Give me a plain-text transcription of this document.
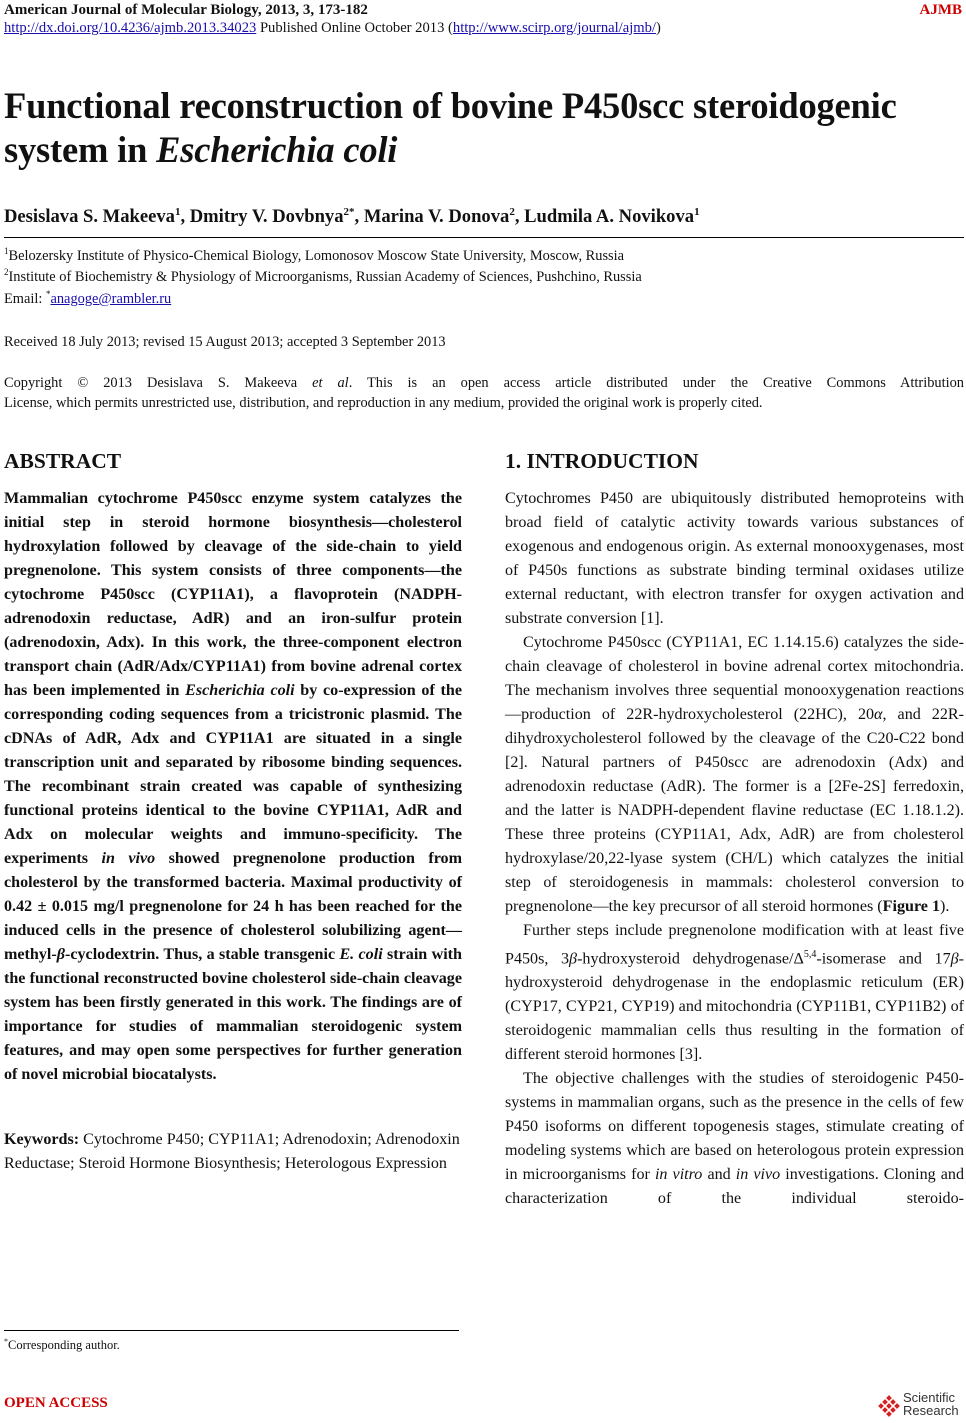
American Journal of Molecular Biology, 2013, 3, 173-182	AJMB
http://dx.doi.org/10.4236/ajmb.2013.34023 Published Online October 2013 (http://www.scirp.org/journal/ajmb/)
Functional reconstruction of bovine P450scc steroidogenic
system in Escherichia coli
Desislava S. Makeeva$^1$, Dmitry V. Dovbnya$^{2*}$, Marina V. Donova$^2$, Ludmila A. Novikova$^1$
$^1$Belozersky Institute of Physico-Chemical Biology, Lomonosov Moscow State University, Moscow, Russia
$^2$Institute of Biochemistry & Physiology of Microorganisms, Russian Academy of Sciences, Pushchino, Russia
Email: *anagoge@rambler.ru
Received 18 July 2013; revised 15 August 2013; accepted 3 September 2013
Copyright © 2013 Desislava S. Makeeva et al. This is an open access article distributed under the Creative Commons Attribution
License, which permits unrestricted use, distribution, and reproduction in any medium, provided the original work is properly cited.
ABSTRACT	1. INTRODUCTION

Mammalian cytochrome P450scc enzyme system catalyzes the initial step in steroid hormone biosynthesis—cholesterol hydroxylation followed by cleavage of the side-chain to yield pregnenolone. This system consists of three components—the cytochrome P450scc (CYP11A1), a flavoprotein (NADPH-adrenodoxin reductase, AdR) and an iron-sulfur protein (adrenodoxin, Adx). In this work, the three-component electron transport chain (AdR/Adx/CYP11A1) from bovine adrenal cortex has been implemented in Escherichia coli by co-expression of the corresponding coding sequences from a tricistronic plasmid. The cDNAs of AdR, Adx and CYP11A1 are situated in a single transcription unit and separated by ribosome binding sequences. The recombinant strain created was capable of synthesizing functional proteins identical to the bovine CYP11A1, AdR and Adx on molecular weights and immuno-specificity. The experiments in vivo showed pregnenolone production from cholesterol by the transformed bacteria. Maximal productivity of 0.42 ± 0.015 mg/l pregnenolone for 24 h has been reached for the induced cells in the presence of cholesterol solubilizing agent—methyl-β-cyclodextrin. Thus, a stable transgenic E. coli strain with the functional reconstructed bovine cholesterol side-chain cleavage system has been firstly generated in this work. The findings are of importance for studies of mammalian steroidogenic system features, and may open some perspectives for further generation of novel microbial biocatalysts.

Keywords: Cytochrome P450; CYP11A1; Adrenodoxin; Adrenodoxin Reductase; Steroid Hormone Biosynthesis; Heterologous Expression
*Corresponding author.

Cytochromes P450 are ubiquitously distributed hemoproteins with broad field of catalytic activity towards various substances of exogenous and endogenous origin. As external monooxygenases, most of P450s functions as substrate binding terminal oxidases utilize external reductant, with electron transfer for oxygen activation and substrate conversion [1].

Cytochrome P450scc (CYP11A1, EC 1.14.15.6) catalyzes the side-chain cleavage of cholesterol in bovine adrenal cortex mitochondria. The mechanism involves three sequential monooxygenation reactions—production of 22R-hydroxycholesterol (22HC), 20α, and 22R-dihydroxycholesterol followed by the cleavage of the C20-C22 bond [2]. Natural partners of P450scc are adrenodoxin (Adx) and adrenodoxin reductase (AdR). The former is a [2Fe-2S] ferredoxin, and the latter is NADPH-dependent flavine reductase (EC 1.18.1.2). These three proteins (CYP11A1, Adx, AdR) are from cholesterol hydroxylase/20,22-lyase system (CH/L) which catalyzes the initial step of steroidogenesis in mammals: cholesterol conversion to pregnenolone—the key precursor of all steroid hormones (Figure 1).

Further steps include pregnenolone modification with at least five P450s, 3β-hydroxysteroid dehydrogenase/$\Delta^{5,4}$-isomerase and 17β-hydroxysteroid dehydrogenase in the endoplasmic reticulum (ER) (CYP17, CYP21, CYP19) and mitochondria (CYP11B1, CYP11B2) of steroidogenic mammalian cells thus resulting in the formation of different steroid hormones [3].

The objective challenges with the studies of steroidogenic P450-systems in mammalian organs, such as the presence in the cells of few P450 isoforms on different topogenesis stages, stimulate creating of modeling systems which are based on heterologous protein expression in microorganisms for in vitro and in vivo investigations. Cloning and characterization of the individual steroido-

OPEN ACCESS	Scientific
Research
